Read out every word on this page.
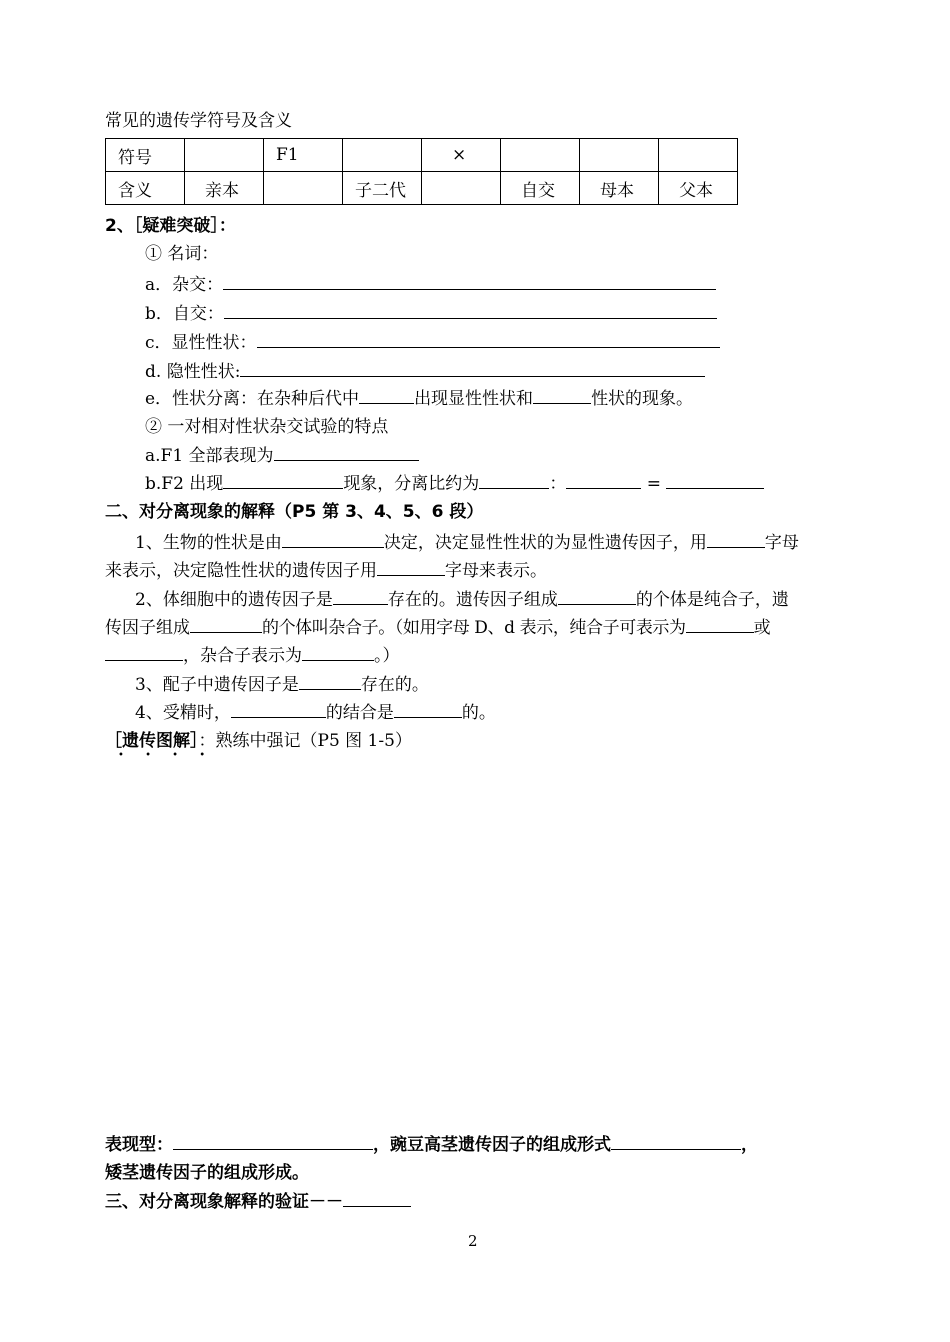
常见的遗传学符号及含义
符号		F1		×			
含义	亲本		子二代		自交	母本	父本
2、［疑难突破］：
① 名词：
a．杂交：
b．自交：
c．显性性状：
d. 隐性性状:
e．性状分离：在杂种后代中	出现显性性状和	性状的现象。
② 一对相对性状杂交试验的特点
a.F1 全部表现为
b.F2 出现	现象，分离比约为	：	=
二、对分离现象的解释（P5 第 3、4、5、6 段）
1、生物的性状是由	决定，决定显性性状的为显性遗传因子，用	字母
来表示，决定隐性性状的遗传因子用	字母来表示。
2、体细胞中的遗传因子是	存在的。遗传因子组成	的个体是纯合子，遗
传因子组成	的个体叫杂合子。（如用字母 D、d 表示，纯合子可表示为	或
，杂合子表示为	。）
3、配子中遗传因子是	存在的。
4、受精时，	的结合是	的。
［遗传图解］：熟练中强记（P5 图 1-5）
• • • •
表现型：	，豌豆高茎遗传因子的组成形式	，
矮茎遗传因子的组成形成。
三、对分离现象解释的验证－－
2
